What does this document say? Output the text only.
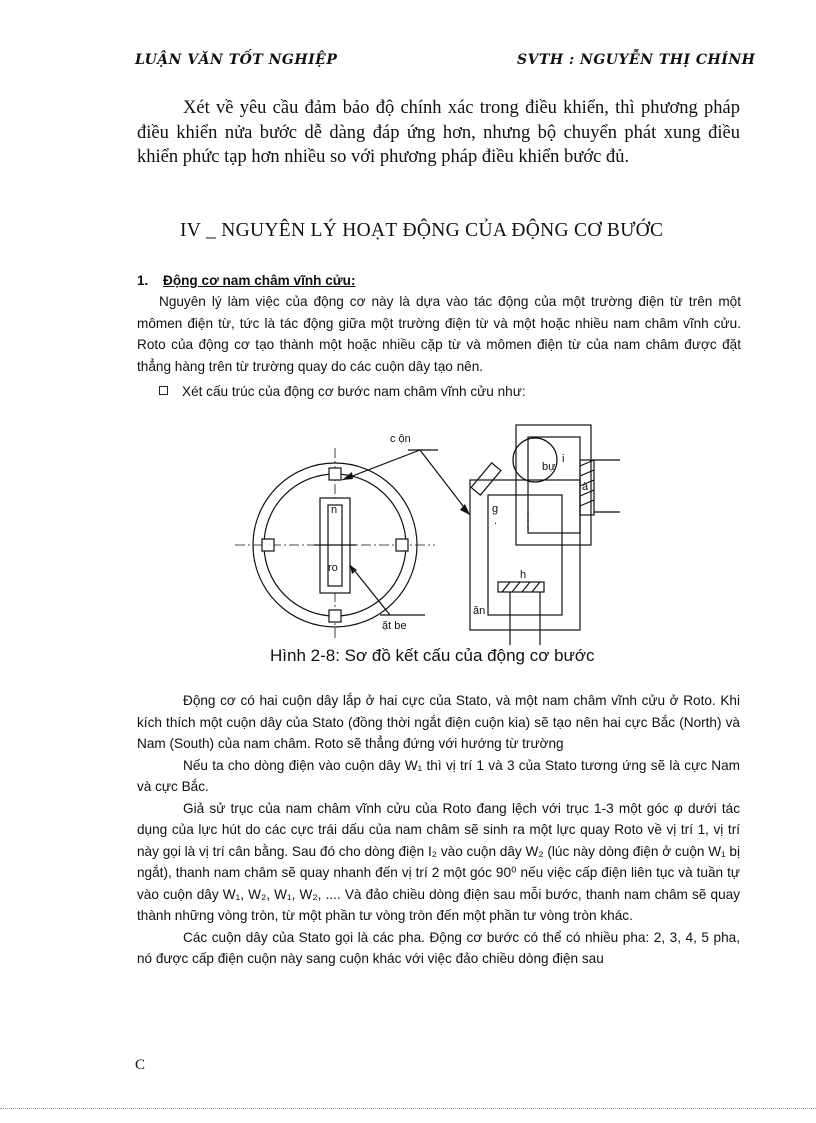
LUẬN VĂN TỐT NGHIỆP	SVTH : NGUYỄN THỊ CHÍNH
Xét về yêu cầu đảm bảo độ chính xác trong điều khiển, thì phương pháp điều khiển nửa bước dễ dàng đáp ứng hơn, nhưng bộ chuyển phát xung điều khiển phức tạp hơn nhiều so với phương pháp điều khiển bước đủ.
IV _ NGUYÊN LÝ HOẠT ĐỘNG CỦA ĐỘNG CƠ BƯỚC
1. Động cơ nam châm vĩnh cửu:
Nguyên lý làm việc của động cơ này là dựa vào tác động của một trường điện từ trên một mômen điện từ, tức là tác động giữa một trường điện từ và một hoặc nhiều nam châm vĩnh cửu. Roto của động cơ tạo thành một hoặc nhiều cặp từ và mômen điện từ của nam châm được đặt thẳng hàng trên từ trường quay do các cuộn dây tạo nên.
Xét cấu trúc của động cơ bước nam châm vĩnh cửu như:
c ộn
n
ro
ặt be
bự
i
à
g
.
h
ăn
Hình 2-8: Sơ đồ kết cấu của động cơ bước

Động cơ có hai cuộn dây lắp ở hai cực của Stato, và một nam châm vĩnh cửu ở Roto. Khi kích thích một cuộn dây của Stato (đồng thời ngắt điện cuộn kia) sẽ tạo nên hai cực Bắc (North) và Nam (South) của nam châm. Roto sẽ thẳng đứng với hướng từ trường

Nếu ta cho dòng điện vào cuộn dây W₁ thì vị trí 1 và 3 của Stato tương ứng sẽ là cực Nam và cực Bắc.

Giả sử trục của nam châm vĩnh cửu của Roto đang lệch với trục 1-3 một góc φ dưới tác dụng của lực hút do các cực trái dấu của nam châm sẽ sinh ra một lực quay Roto về vị trí 1, vị trí này gọi là vị trí cân bằng. Sau đó cho dòng điện I₂ vào cuộn dây W₂ (lúc này dòng điện ở cuộn W₁ bị ngắt), thanh nam châm sẽ quay nhanh đến vị trí 2 một góc 90⁰ nếu việc cấp điện liên tục và tuần tự vào cuộn dây W₁, W₂, W₁, W₂, .... Và đảo chiều dòng điện sau mỗi bước, thanh nam châm sẽ quay thành những vòng tròn, từ một phần tư vòng tròn đến một phần tư vòng tròn khác.

Các cuộn dây của Stato gọi là các pha. Động cơ bước có thể có nhiều pha: 2, 3, 4, 5 pha, nó được cấp điện cuộn này sang cuộn khác với việc đảo chiều dòng điện sau

C
